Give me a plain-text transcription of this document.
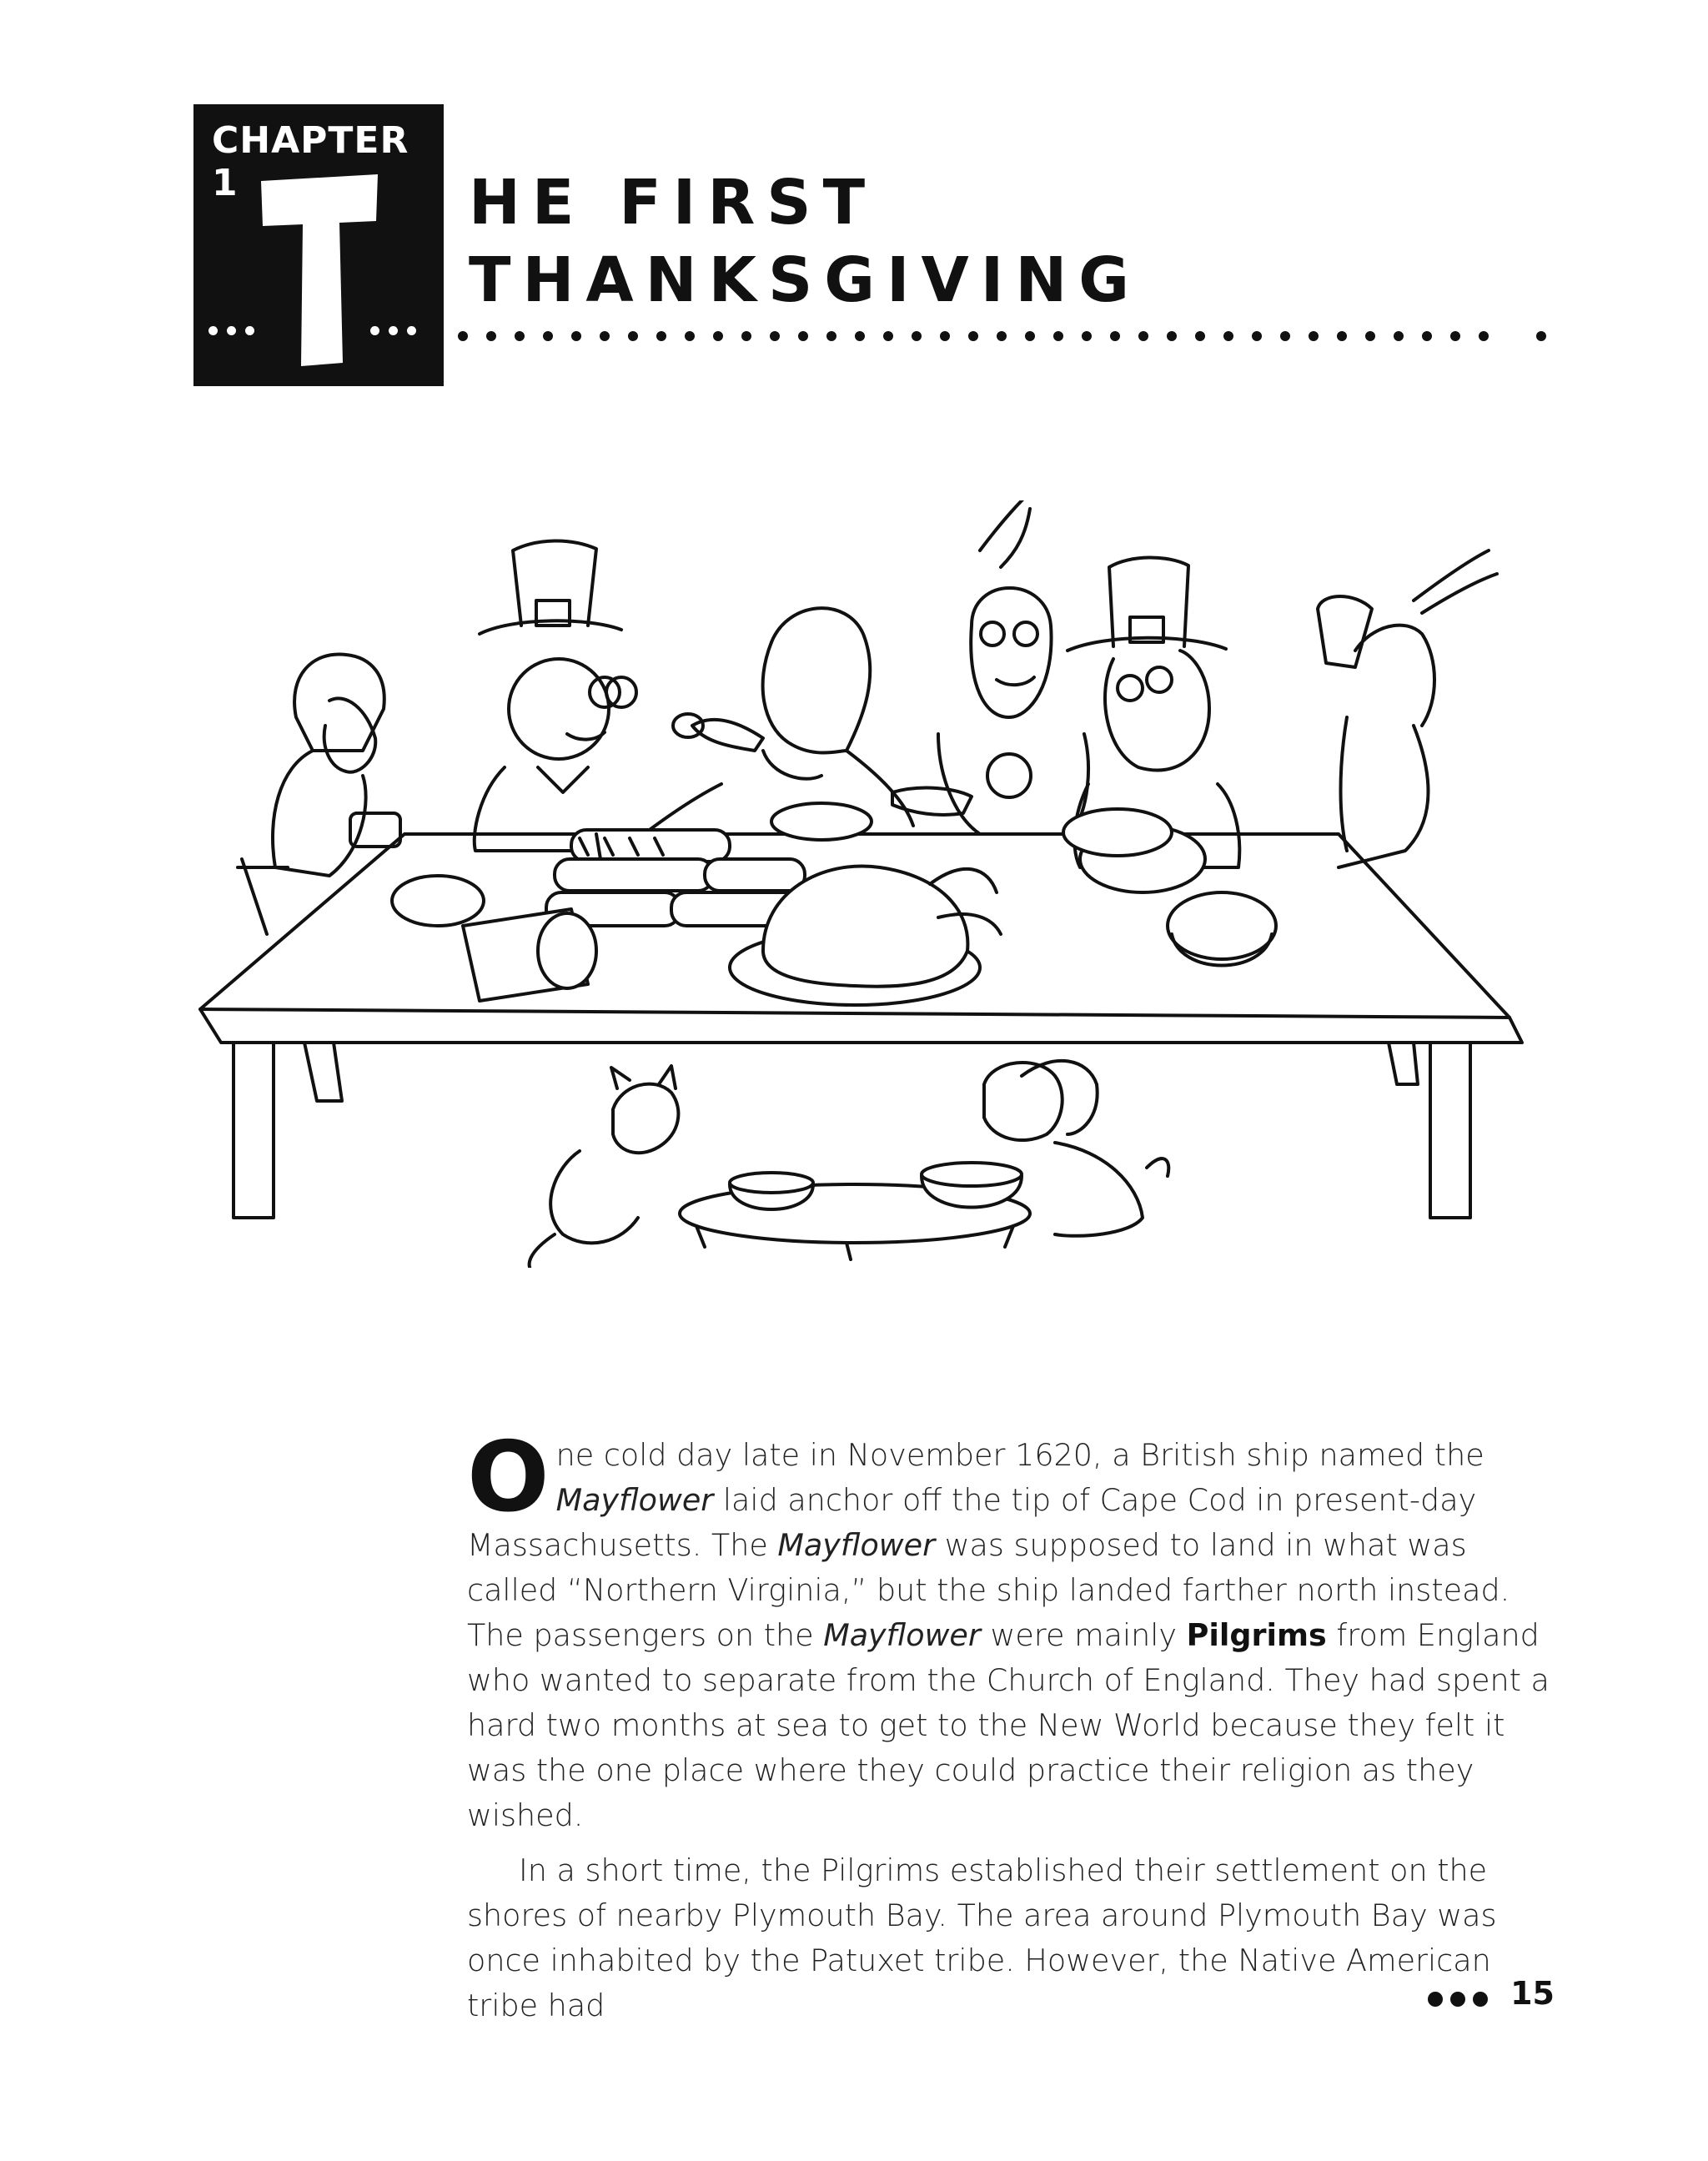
CHAPTER 1	HE FIRST
THANKSGIVING

One cold day late in November 1620, a British ship named the Mayflower laid anchor off the tip of Cape Cod in present-day Massachusetts. The Mayflower was supposed to land in what was called “Northern Virginia,” but the ship landed farther north instead. The passengers on the Mayflower were mainly Pilgrims from England who wanted to separate from the Church of England. They had spent a hard two months at sea to get to the New World because they felt it was the one place where they could practice their religion as they wished.

In a short time, the Pilgrims established their settlement on the shores of nearby Plymouth Bay. The area around Plymouth Bay was once inhabited by the Patuxet tribe. However, the Native American tribe had	15
